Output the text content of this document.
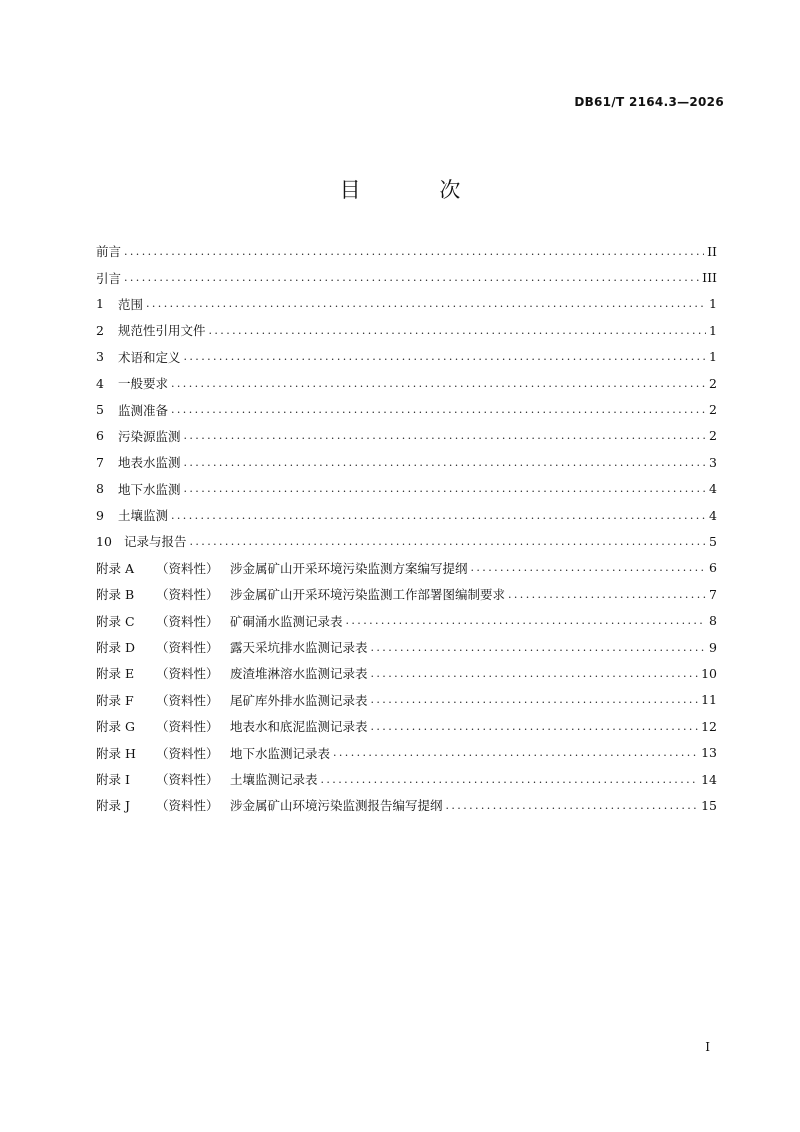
DB61/T 2164.3—2026
目 次
前言 .....	II
引言 .....	III
1	范围 .....	1
2	规范性引用文件 .....	1
3	术语和定义 .....	1
4	一般要求 .....	2
5	监测准备 .....	2
6	污染源监测 .....	2
7	地表水监测 .....	3
8	地下水监测 .....	4
9	土壤监测 .....	4
10 记录与报告 .....	5
附录 A	（资料性） 涉金属矿山开采环境污染监测方案编写提纲 .....	6
附录 B	（资料性） 涉金属矿山开采环境污染监测工作部署图编制要求 .....	7
附录 C	（资料性） 矿硐涌水监测记录表 .....	8
附录 D	（资料性） 露天采坑排水监测记录表 .....	9
附录 E	（资料性） 废渣堆淋溶水监测记录表 .....	10
附录 F	（资料性） 尾矿库外排水监测记录表 .....	11
附录 G	（资料性） 地表水和底泥监测记录表 .....	12
附录 H	（资料性） 地下水监测记录表 .....	13
附录 I	（资料性） 土壤监测记录表 .....	14
附录 J	（资料性） 涉金属矿山环境污染监测报告编写提纲 .....	15
I
